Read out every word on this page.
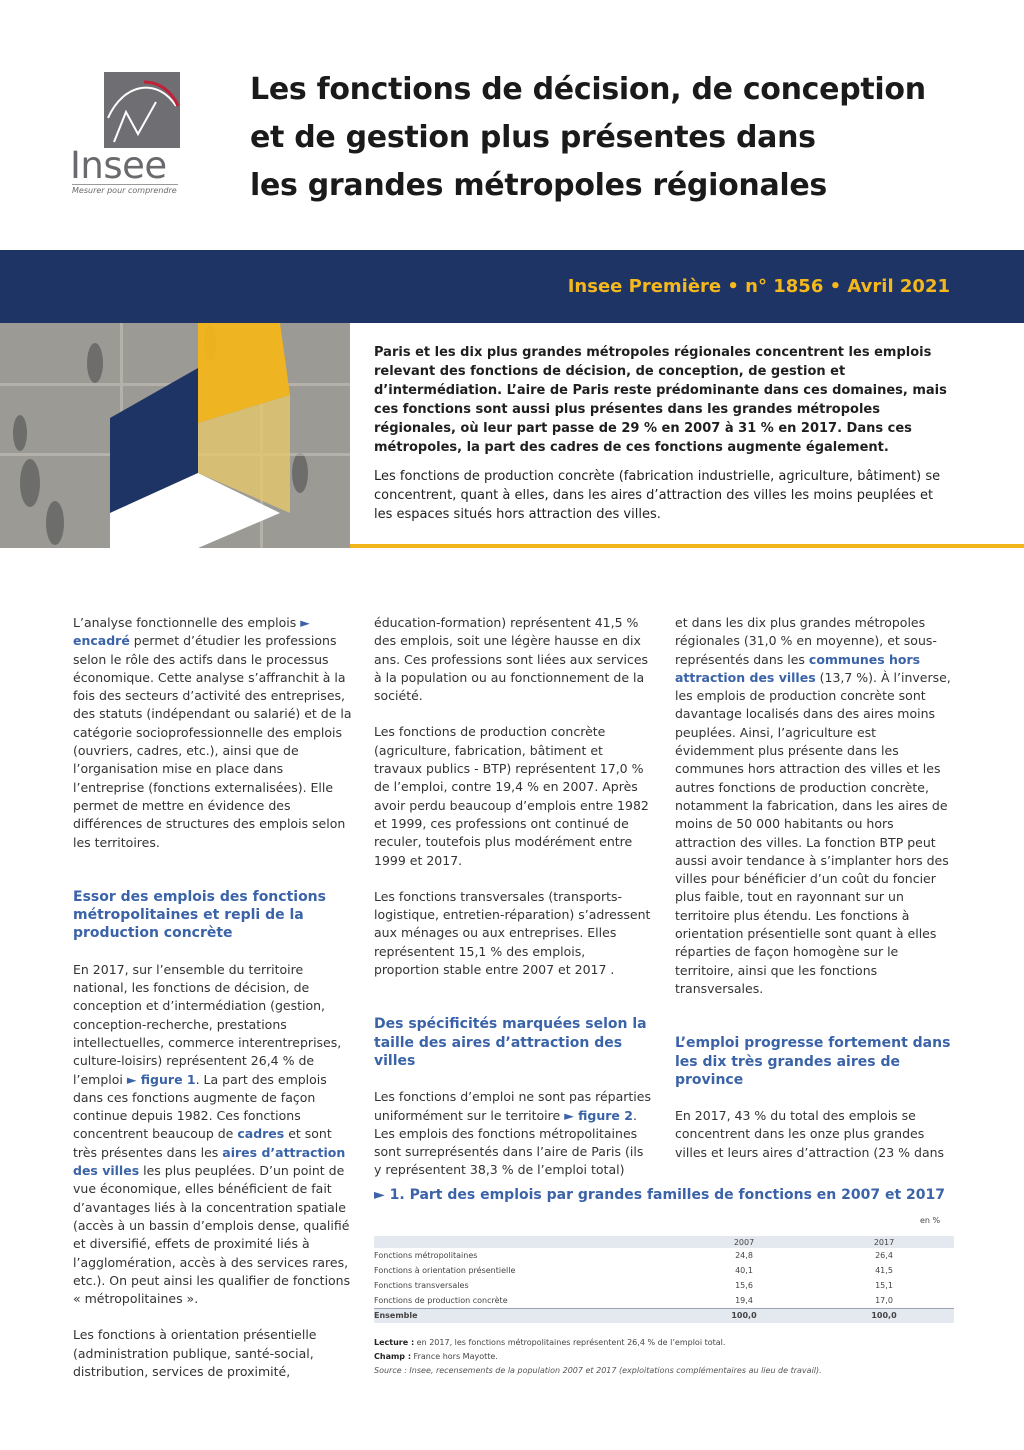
Insee
Mesurer pour comprendre
Les fonctions de décision, de conception
et de gestion plus présentes dans
les grandes métropoles régionales
Insee Première • n° 1856 • Avril 2021

Paris et les dix plus grandes métropoles régionales concentrent les emplois relevant des fonctions de décision, de conception, de gestion et d’intermédiation. L’aire de Paris reste prédominante dans ces domaines, mais ces fonctions sont aussi plus présentes dans les grandes métropoles régionales, où leur part passe de 29 % en 2007 à 31 % en 2017. Dans ces métropoles, la part des cadres de ces fonctions augmente également.

Les fonctions de production concrète (fabrication industrielle, agriculture, bâtiment) se concentrent, quant à elles, dans les aires d’attraction des villes les moins peuplées et les espaces situés hors attraction des villes.

L’analyse fonctionnelle des emplois ► encadré permet d’étudier les professions selon le rôle des actifs dans le processus économique. Cette analyse s’affranchit à la fois des secteurs d’activité des entreprises, des statuts (indépendant ou salarié) et de la catégorie socioprofessionnelle des emplois (ouvriers, cadres, etc.), ainsi que de l’organisation mise en place dans l’entreprise (fonctions externalisées). Elle permet de mettre en évidence des différences de structures des emplois selon les territoires.

Essor des emplois des fonctions métropolitaines et repli de la production concrète

En 2017, sur l’ensemble du territoire national, les fonctions de décision, de conception et d’intermédiation (gestion, conception-recherche, prestations intellectuelles, commerce interentreprises, culture-loisirs) représentent 26,4 % de l’emploi ► figure 1. La part des emplois dans ces fonctions augmente de façon continue depuis 1982. Ces fonctions concentrent beaucoup de cadres et sont très présentes dans les aires d’attraction des villes les plus peuplées. D’un point de vue économique, elles bénéficient de fait d’avantages liés à la concentration spatiale (accès à un bassin d’emplois dense, qualifié et diversifié, effets de proximité liés à l’agglomération, accès à des services rares, etc.). On peut ainsi les qualifier de fonctions « métropolitaines ».

Les fonctions à orientation présentielle (administration publique, santé-social, distribution, services de proximité,

éducation-formation) représentent 41,5 % des emplois, soit une légère hausse en dix ans. Ces professions sont liées aux services à la population ou au fonctionnement de la société.

Les fonctions de production concrète (agriculture, fabrication, bâtiment et travaux publics - BTP) représentent 17,0 % de l’emploi, contre 19,4 % en 2007. Après avoir perdu beaucoup d’emplois entre 1982 et 1999, ces professions ont continué de reculer, toutefois plus modérément entre 1999 et 2017.

Les fonctions transversales (transports-logistique, entretien-réparation) s’adressent aux ménages ou aux entreprises. Elles représentent 15,1 % des emplois, proportion stable entre 2007 et 2017 .

Des spécificités marquées selon la taille des aires d’attraction des villes

Les fonctions d’emploi ne sont pas réparties uniformément sur le territoire ► figure 2. Les emplois des fonctions métropolitaines sont surreprésentés dans l’aire de Paris (ils y représentent 38,3 % de l’emploi total)

et dans les dix plus grandes métropoles régionales (31,0 % en moyenne), et sous-représentés dans les communes hors attraction des villes (13,7 %). À l’inverse, les emplois de production concrète sont davantage localisés dans des aires moins peuplées. Ainsi, l’agriculture est évidemment plus présente dans les communes hors attraction des villes et les autres fonctions de production concrète, notamment la fabrication, dans les aires de moins de 50 000 habitants ou hors attraction des villes. La fonction BTP peut aussi avoir tendance à s’implanter hors des villes pour bénéficier d’un coût du foncier plus faible, tout en rayonnant sur un territoire plus étendu. Les fonctions à orientation présentielle sont quant à elles réparties de façon homogène sur le territoire, ainsi que les fonctions transversales.

L’emploi progresse fortement dans les dix très grandes aires de province

En 2017, 43 % du total des emplois se concentrent dans les onze plus grandes villes et leurs aires d’attraction (23 % dans

► 1. Part des emplois par grandes familles de fonctions en 2007 et 2017
en %
	2007	2017
Fonctions métropolitaines	24,8	26,4
Fonctions à orientation présentielle	40,1	41,5
Fonctions transversales	15,6	15,1
Fonctions de production concrète	19,4	17,0
Ensemble	100,0	100,0
Lecture : en 2017, les fonctions métropolitaines représentent 26,4 % de l’emploi total.
Champ : France hors Mayotte.
Source : Insee, recensements de la population 2007 et 2017 (exploitations complémentaires au lieu de travail).
